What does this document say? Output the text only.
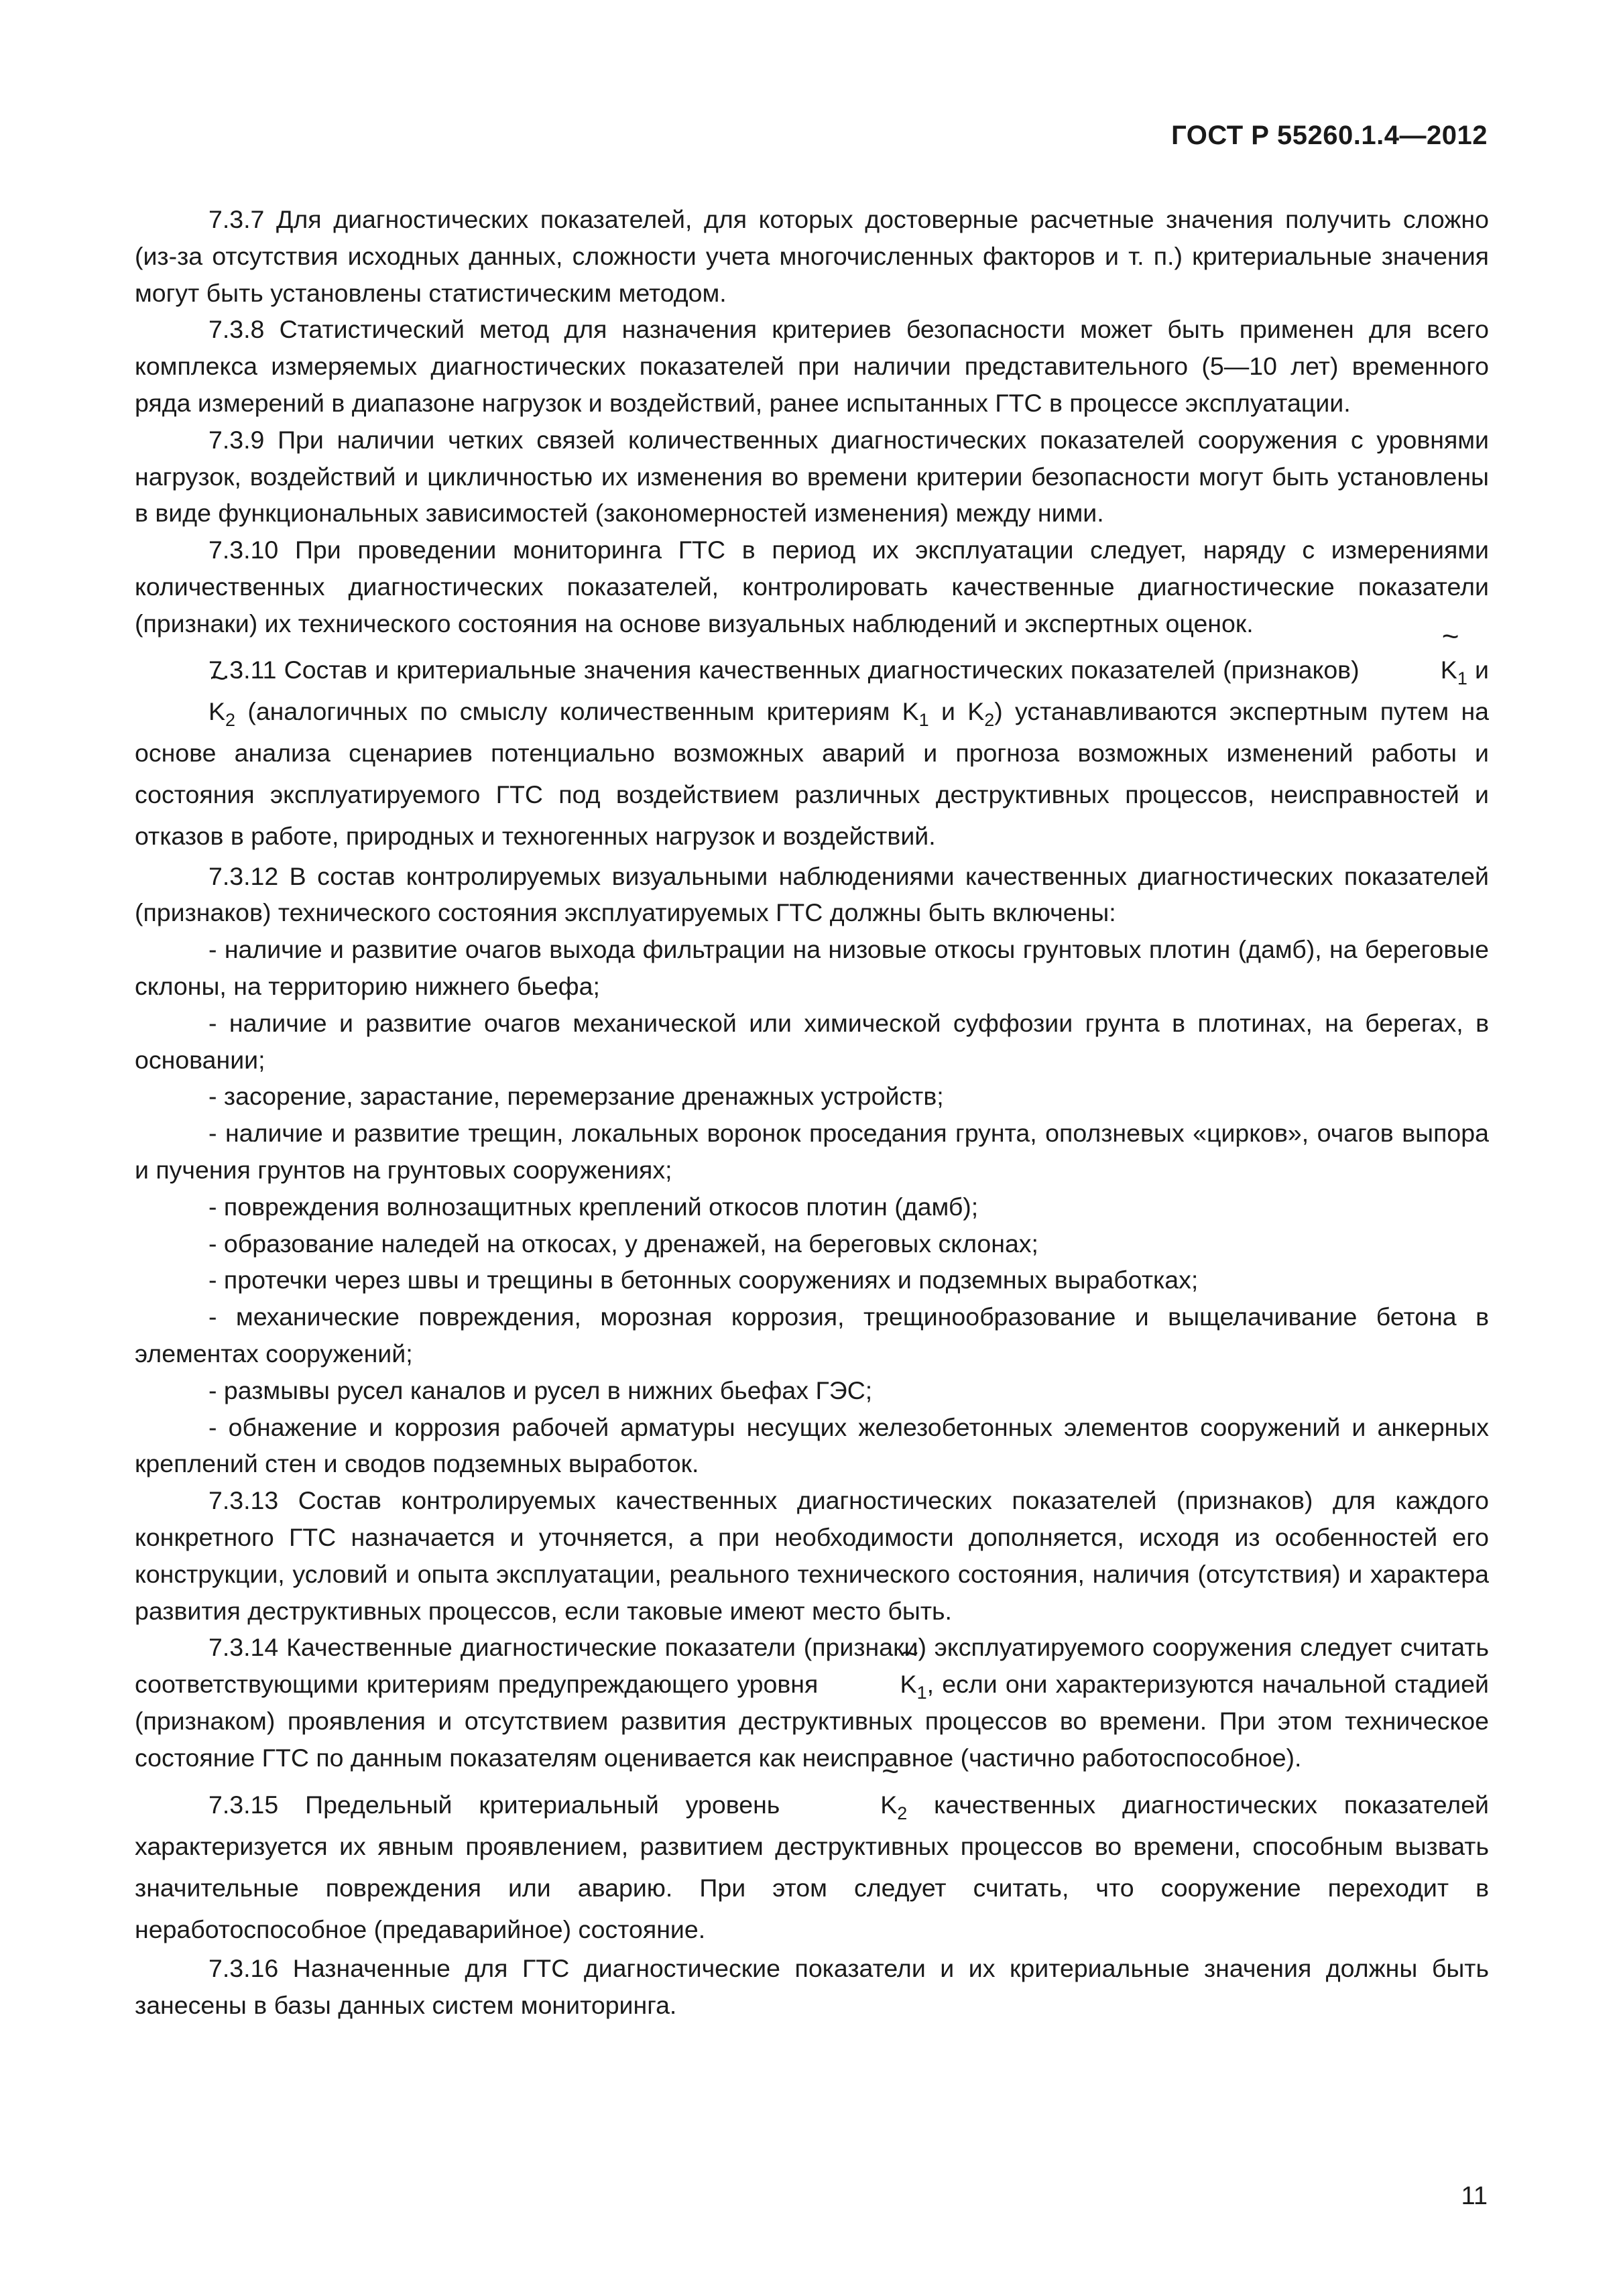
ГОСТ Р 55260.1.4—2012

7.3.7 Для диагностических показателей, для которых достоверные расчетные значения получить сложно (из-за отсутствия исходных данных, сложности учета многочисленных факторов и т. п.) критериальные значения могут быть установлены статистическим методом.

7.3.8 Статистический метод для назначения критериев безопасности может быть применен для всего комплекса измеряемых диагностических показателей при наличии представительного (5—10 лет) временного ряда измерений в диапазоне нагрузок и воздействий, ранее испытанных ГТС в процессе эксплуатации.

7.3.9 При наличии четких связей количественных диагностических показателей сооружения с уровнями нагрузок, воздействий и цикличностью их изменения во времени критерии безопасности могут быть установлены в виде функциональных зависимостей (закономерностей изменения) между ними.

7.3.10 При проведении мониторинга ГТС в период их эксплуатации следует, наряду с измерениями количественных диагностических показателей, контролировать качественные диагностические показатели (признаки) их технического состояния на основе визуальных наблюдений и экспертных оценок.

7.3.11 Состав и критериальные значения качественных диагностических показателей (признаков)	~ $K_1$ и ~ $K_2$ (аналогичных по смыслу количественным критериям $K_1$ и $K_2$) устанавливаются экспертным путем на основе анализа сценариев потенциально возможных аварий и прогноза возможных изменений работы и состояния эксплуатируемого ГТС под воздействием различных деструктивных процессов, неисправностей и отказов в работе, природных и техногенных нагрузок и воздействий.

7.3.12 В состав контролируемых визуальными наблюдениями качественных диагностических показателей (признаков) технического состояния эксплуатируемых ГТС должны быть включены:

- наличие и развитие очагов выхода фильтрации на низовые откосы грунтовых плотин (дамб), на береговые склоны, на территорию нижнего бьефа;

- наличие и развитие очагов механической или химической суффозии грунта в плотинах, на берегах, в основании;

- засорение, зарастание, перемерзание дренажных устройств;

- наличие и развитие трещин, локальных воронок проседания грунта, оползневых «цирков», очагов выпора и пучения грунтов на грунтовых сооружениях;

- повреждения волнозащитных креплений откосов плотин (дамб);

- образование наледей на откосах, у дренажей, на береговых склонах;

- протечки через швы и трещины в бетонных сооружениях и подземных выработках;

- механические повреждения, морозная коррозия, трещинообразование и выщелачивание бетона в элементах сооружений;

- размывы русел каналов и русел в нижних бьефах ГЭС;

- обнажение и коррозия рабочей арматуры несущих железобетонных элементов сооружений и анкерных креплений стен и сводов подземных выработок.

7.3.13 Состав контролируемых качественных диагностических показателей (признаков) для каждого конкретного ГТС назначается и уточняется, а при необходимости дополняется, исходя из особенностей его конструкции, условий и опыта эксплуатации, реального технического состояния, наличия (отсутствия) и характера развития деструктивных процессов, если таковые имеют место быть.

7.3.14 Качественные диагностические показатели (признаки) эксплуатируемого сооружения следует считать соответствующими критериям предупреждающего уровня	~ $K_1$, если они характеризуются начальной стадией (признаком) проявления и отсутствием развития деструктивных процессов во времени. При этом техническое состояние ГТС по данным показателям оценивается как неисправное (частично работоспособное).

7.3.15 Предельный критериальный уровень	~ $K_2$ качественных диагностических показателей характеризуется их явным проявлением, развитием деструктивных процессов во времени, способным вызвать значительные повреждения или аварию. При этом следует считать, что сооружение переходит в неработоспособное (предаварийное) состояние.

7.3.16 Назначенные для ГТС диагностические показатели и их критериальные значения должны быть занесены в базы данных систем мониторинга.

11
